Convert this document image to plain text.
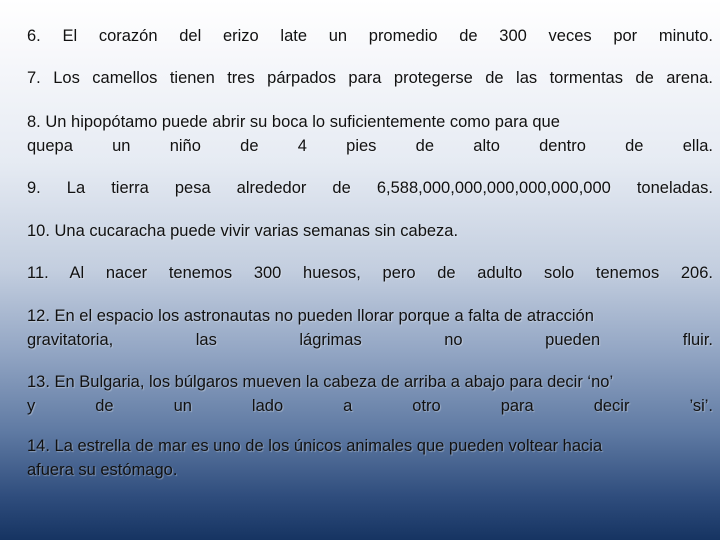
6. El corazón del erizo late un promedio de 300 veces por minuto.
7. Los camellos tienen tres párpados para protegerse de las tormentas de arena.
8. Un hipopótamo puede abrir su boca lo suficientemente como para que
quepa un niño de 4 pies de alto dentro de ella.
9. La tierra pesa alrededor de 6,588,000,000,000,000,000,000 toneladas.
10. Una cucaracha puede vivir varias semanas sin cabeza.
11. Al nacer tenemos 300 huesos, pero de adulto solo tenemos 206.
12. En el espacio los astronautas no pueden llorar porque a falta de atracción
gravitatoria, las lágrimas no pueden fluir.
13. En Bulgaria, los búlgaros mueven la cabeza de arriba a abajo para decir ‘no’
y de un lado a otro para decir ’si’.
14. La estrella de mar es uno de los únicos animales que pueden voltear hacia
afuera su estómago.
